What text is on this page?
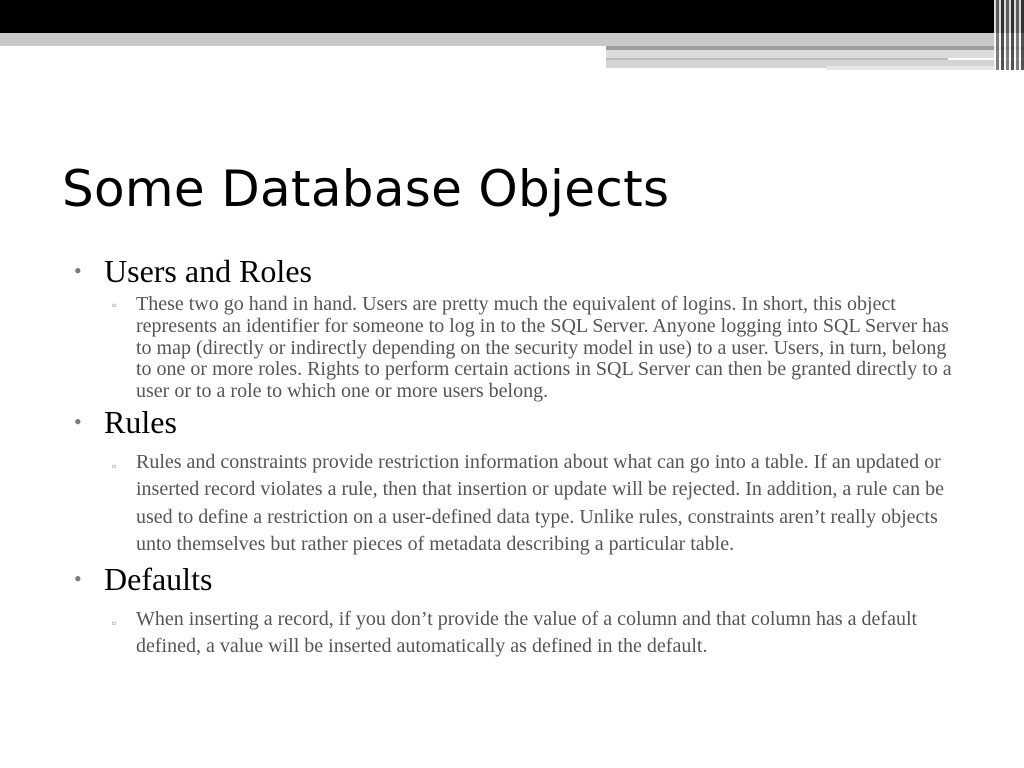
Some Database Objects
• Users and Roles
▫ These two go hand in hand. Users are pretty much the equivalent of logins. In short, this object represents an identifier for someone to log in to the SQL Server. Anyone logging into SQL Server has to map (directly or indirectly depending on the security model in use) to a user. Users, in turn, belong to one or more roles. Rights to perform certain actions in SQL Server can then be granted directly to a user or to a role to which one or more users belong.
• Rules
▫ Rules and constraints provide restriction information about what can go into a table. If an updated or inserted record violates a rule, then that insertion or update will be rejected. In addition, a rule can be used to define a restriction on a user-defined data type. Unlike rules, constraints aren’t really objects unto themselves but rather pieces of metadata describing a particular table.
• Defaults
▫ When inserting a record, if you don’t provide the value of a column and that column has a default defined, a value will be inserted automatically as defined in the default.
